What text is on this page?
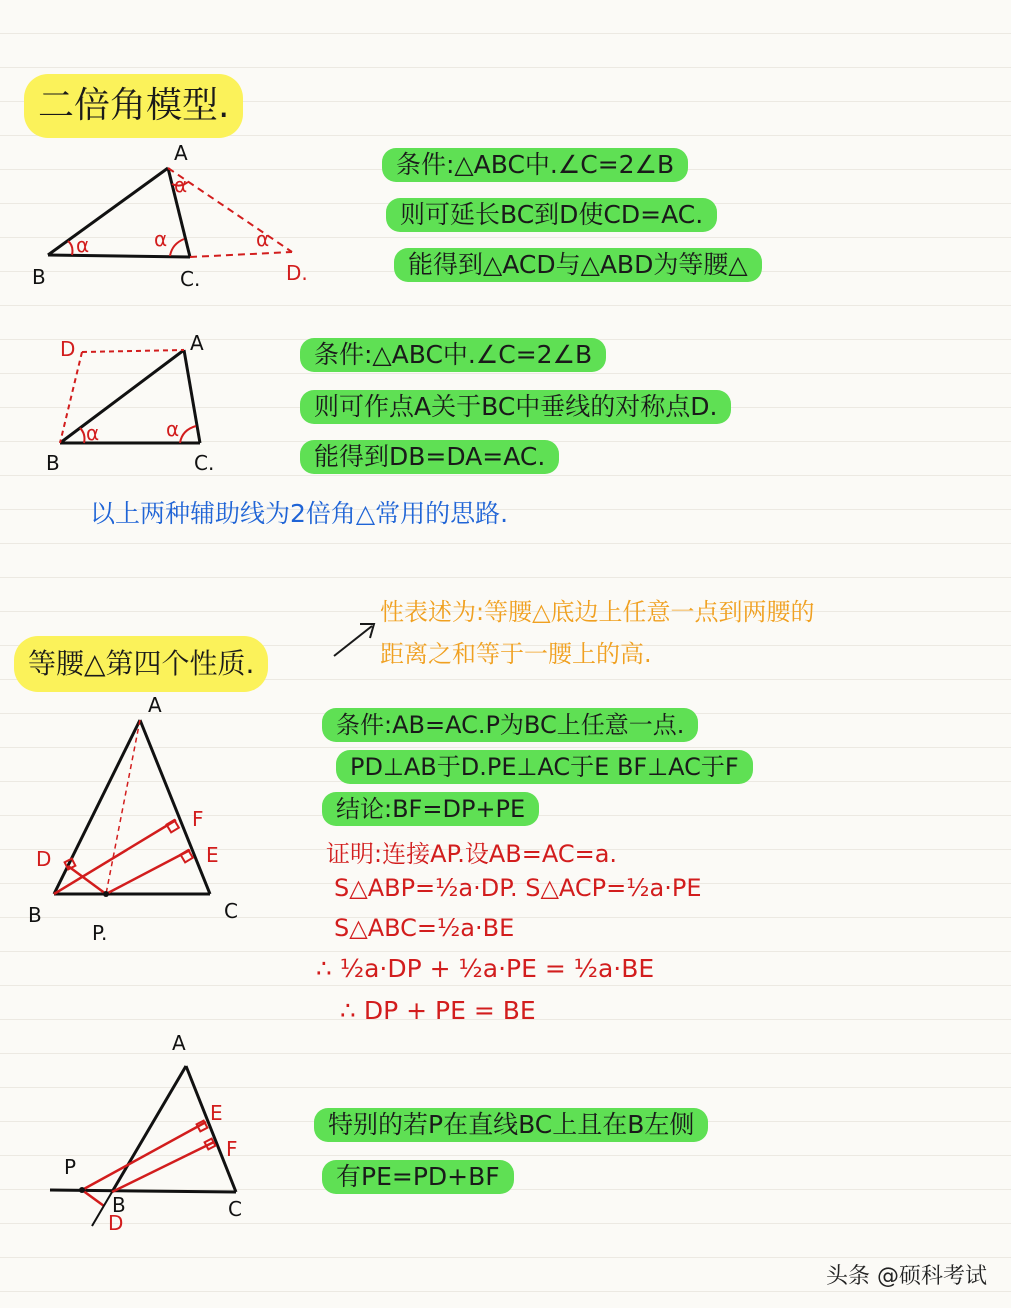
二倍角模型.
A
B	C.	D.
α	α
α
α
条件:△ABC中.∠C=2∠B
则可延长BC到D使CD=AC.
能得到△ACD与△ABD为等腰△
A
B	C.
D
α	α
条件:△ABC中.∠C=2∠B
则可作点A关于BC中垂线的对称点D.
能得到DB=DA=AC.
以上两种辅助线为2倍角△常用的思路.
等腰△第四个性质.
性表述为:等腰△底边上任意一点到两腰的
距离之和等于一腰上的高.
A
B	C
D	E
F
P.
条件:AB=AC.P为BC上任意一点.
PD⊥AB于D.PE⊥AC于E BF⊥AC于F
结论:BF=DP+PE
证明:连接AP.设AB=AC=a.
S△ABP=½a·DP. S△ACP=½a·PE
S△ABC=½a·BE
∴ ½a·DP + ½a·PE = ½a·BE
∴ DP + PE = BE
A
B	C
D
E
F
P
特别的若P在直线BC上且在B左侧
有PE=PD+BF
头条 @硕科考试
